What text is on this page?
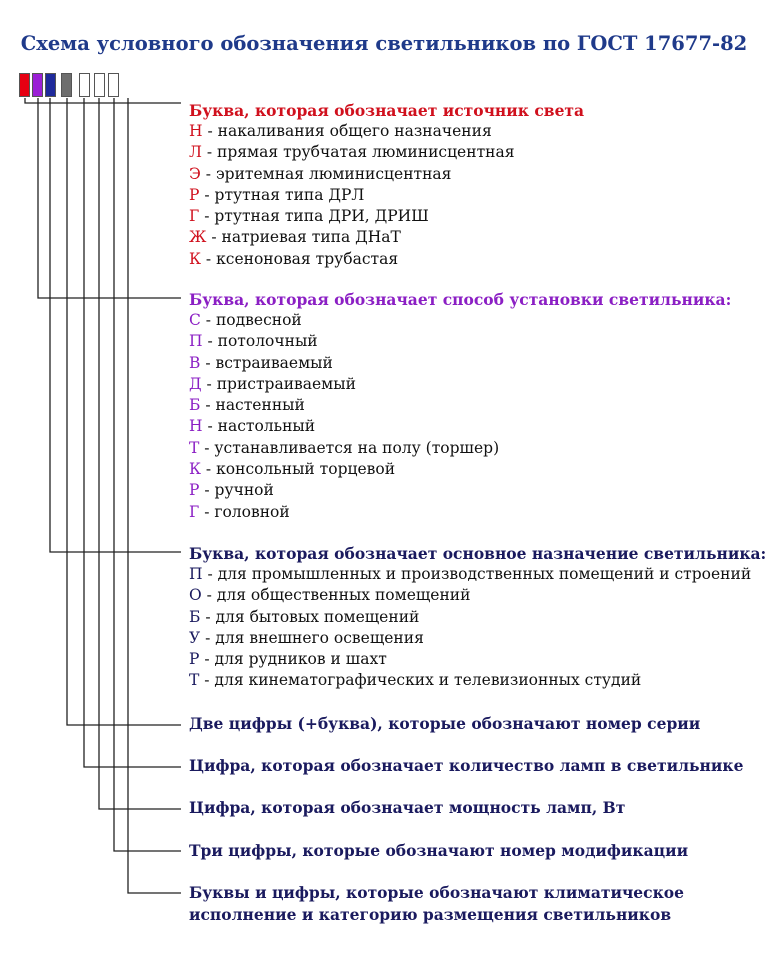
Схема условного обозначения светильников по ГОСТ 17677-82
Буква, которая обозначает источник света
Н - накаливания общего назначения
Л - прямая трубчатая люминисцентная
Э - эритемная люминисцентная
Р - ртутная типа ДРЛ
Г - ртутная типа ДРИ, ДРИШ
Ж - натриевая типа ДНаТ
К - ксеноновая трубастая
Буква, которая обозначает способ установки светильника:
С - подвесной
П - потолочный
В - встраиваемый
Д - пристраиваемый
Б - настенный
Н - настольный
Т - устанавливается на полу (торшер)
К - консольный торцевой
Р - ручной
Г - головной
Буква, которая обозначает основное назначение светильника:
П - для промышленных и производственных помещений и строений
О - для общественных помещений
Б - для бытовых помещений
У - для внешнего освещения
Р - для рудников и шахт
Т - для кинематографических и телевизионных студий
Две цифры (+буква), которые обозначают номер серии
Цифра, которая обозначает количество ламп в светильнике
Цифра, которая обозначает мощность ламп, Вт
Три цифры, которые обозначают номер модификации
Буквы и цифры, которые обозначают климатическое
исполнение и категорию размещения светильников
